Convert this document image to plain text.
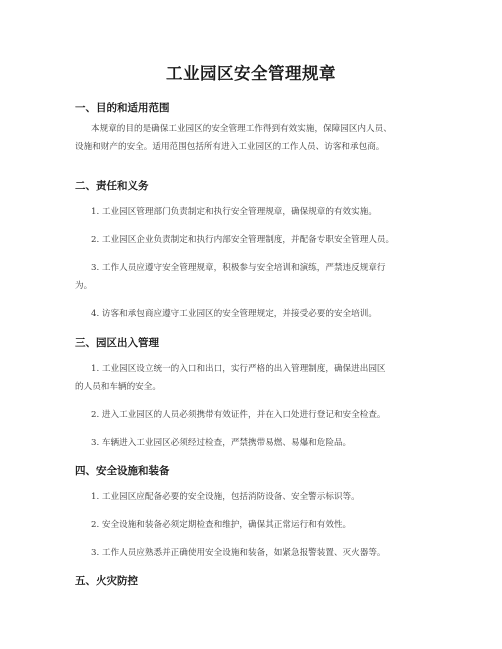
工业园区安全管理规章
一、目的和适用范围
本规章的目的是确保工业园区的安全管理工作得到有效实施，保障园区内人员、
设施和财产的安全。适用范围包括所有进入工业园区的工作人员、访客和承包商。
二、责任和义务
1. 工业园区管理部门负责制定和执行安全管理规章，确保规章的有效实施。
2. 工业园区企业负责制定和执行内部安全管理制度，并配备专职安全管理人员。
3. 工作人员应遵守安全管理规章，积极参与安全培训和演练，严禁违反规章行
为。
4. 访客和承包商应遵守工业园区的安全管理规定，并接受必要的安全培训。
三、园区出入管理
1. 工业园区设立统一的入口和出口，实行严格的出入管理制度，确保进出园区
的人员和车辆的安全。
2. 进入工业园区的人员必须携带有效证件，并在入口处进行登记和安全检查。
3. 车辆进入工业园区必须经过检查，严禁携带易燃、易爆和危险品。
四、安全设施和装备
1. 工业园区应配备必要的安全设施，包括消防设备、安全警示标识等。
2. 安全设施和装备必须定期检查和维护，确保其正常运行和有效性。
3. 工作人员应熟悉并正确使用安全设施和装备，如紧急报警装置、灭火器等。
五、火灾防控
